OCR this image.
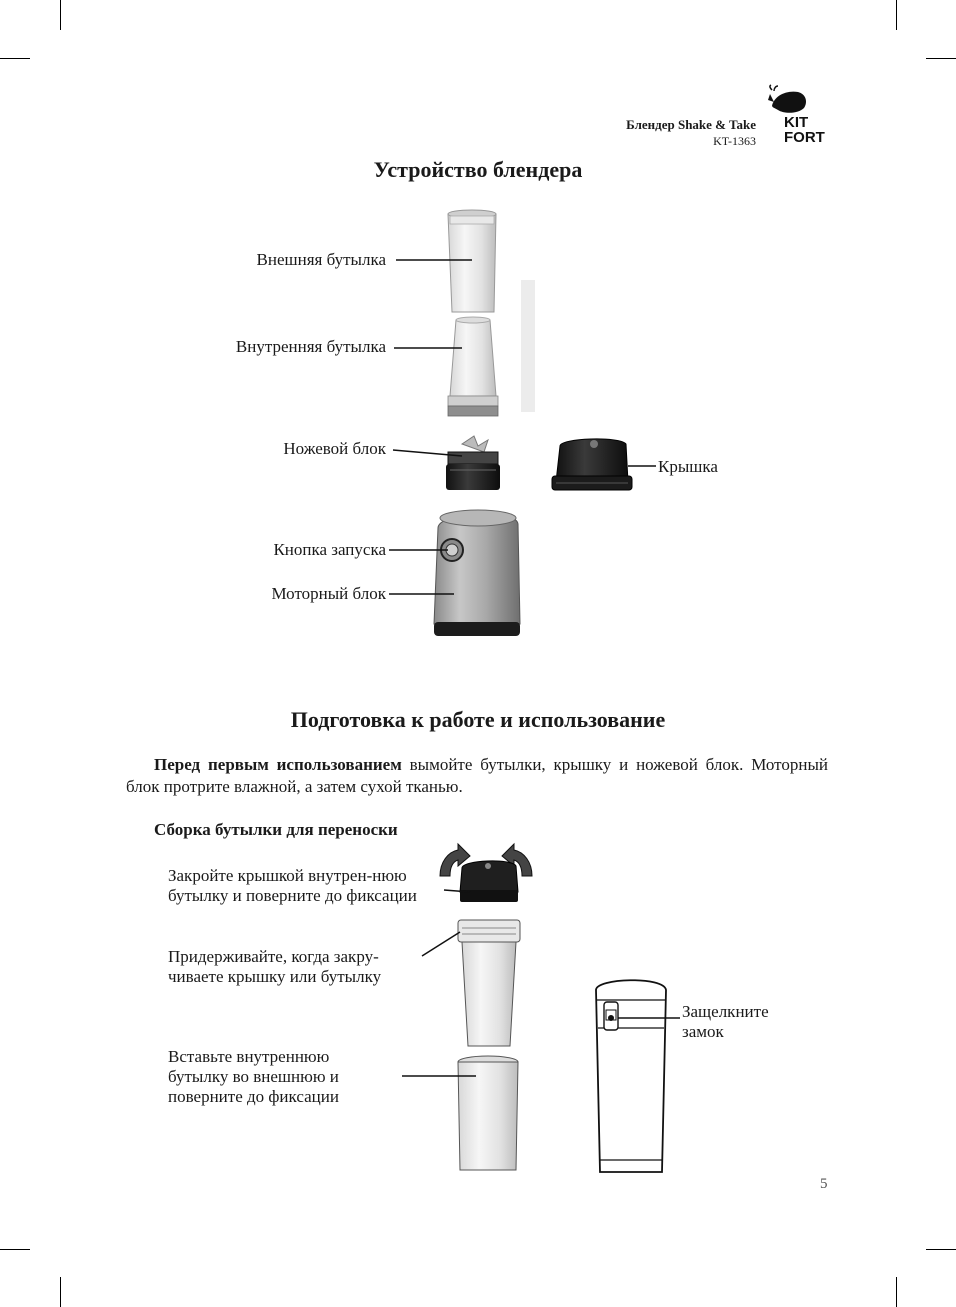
Блендер Shake & Take
KT-1363
KIT
FORT
Устройство блендера
Внешняя бутылка
Внутренняя бутылка
Ножевой блок
Крышка
Кнопка запуска
Моторный блок
Подготовка к работе и использование
Перед первым использованием вымойте бутылки, крышку и ножевой блок. Моторный блок протрите влажной, а затем сухой тканью.
Сборка бутылки для переноски
Закройте крышкой внутрен-нюю бутылку и поверните до фиксации
Придерживайте, когда закру-чиваете крышку или бутылку
Вставьте внутреннюю бутылку во внешнюю и поверните до фиксации
Защелкните замок
5
